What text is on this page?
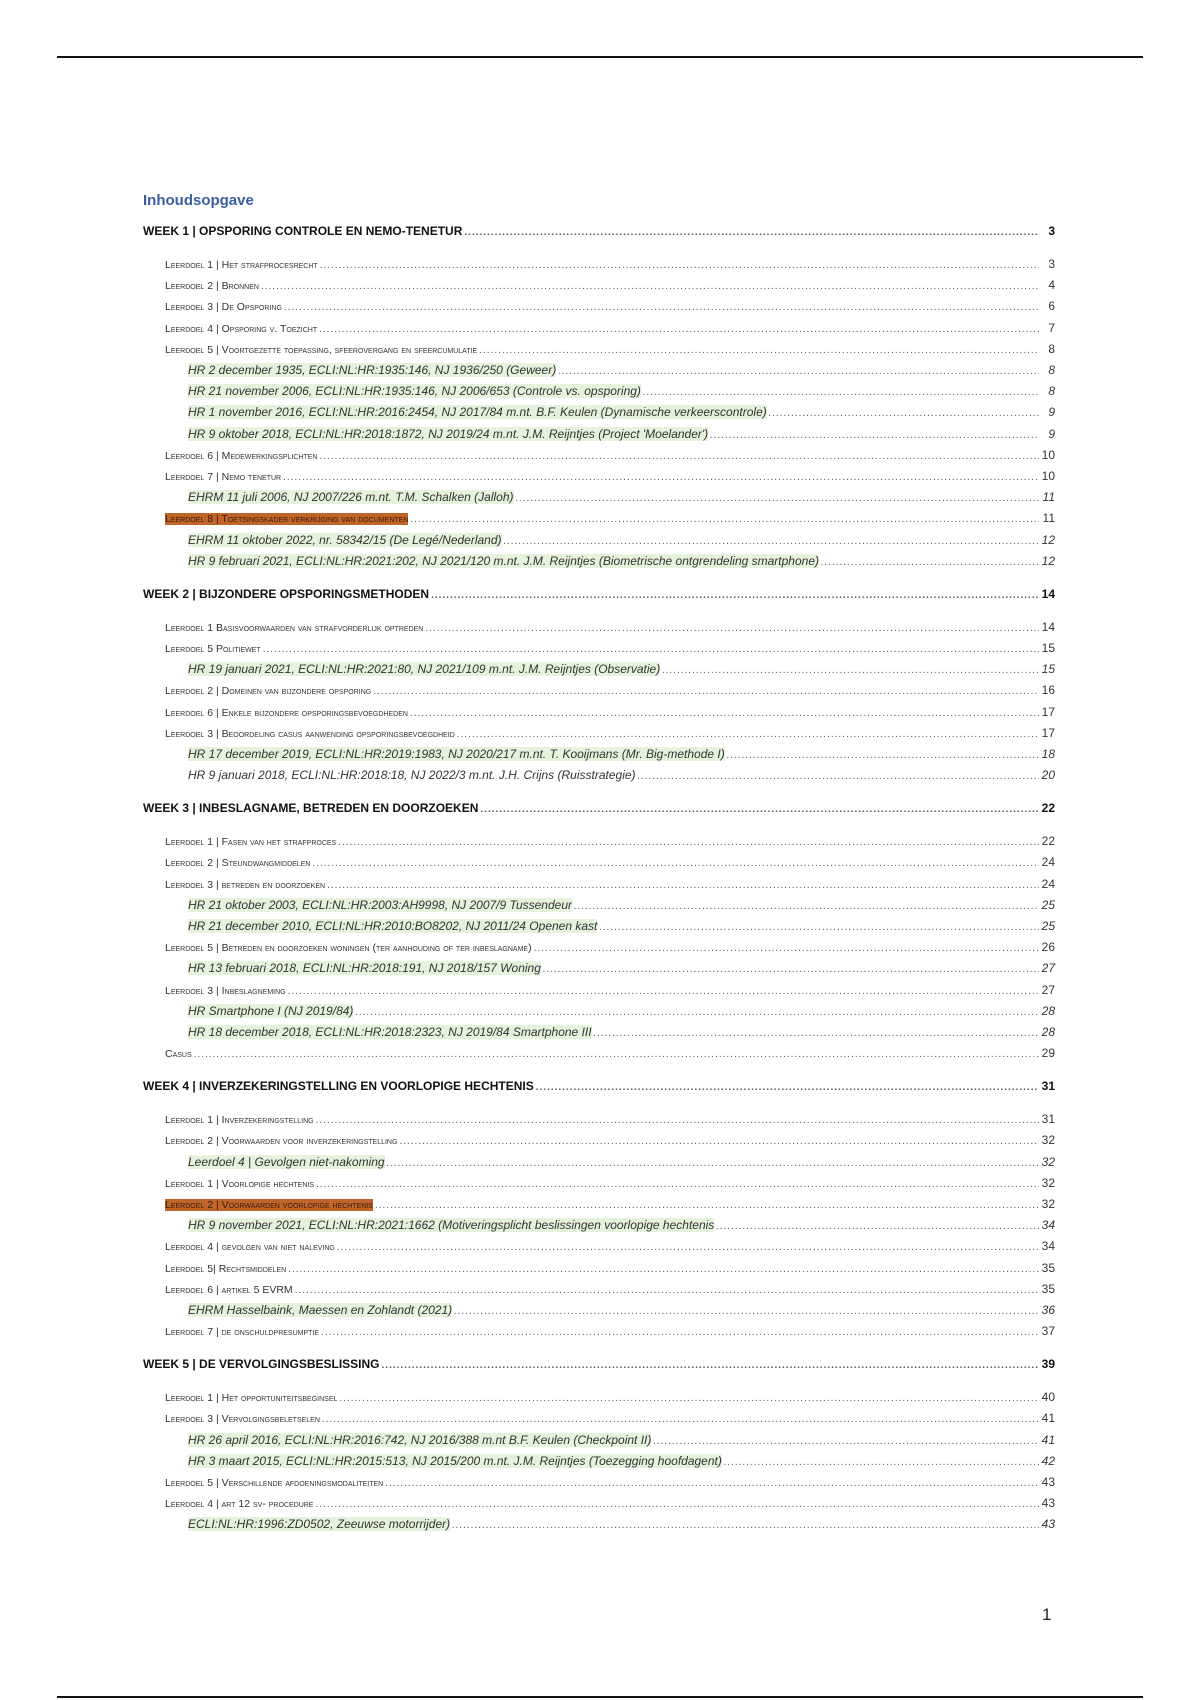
Inhoudsopgave
WEEK 1 | OPSPORING CONTROLE EN NEMO-TENETUR .....	3
Leerdoel 1 | Het strafprocesrecht .....	3
Leerdoel 2 | Bronnen .....	4
Leerdoel 3 | De Opsporing .....	6
Leerdoel 4 | Opsporing v. Toezicht .....	7
Leerdoel 5 | Voortgezette toepassing, sfeerovergang en sfeercumulatie .....	8
HR 2 december 1935, ECLI:NL:HR:1935:146, NJ 1936/250 (Geweer) .....	8
HR 21 november 2006, ECLI:NL:HR:1935:146, NJ 2006/653 (Controle vs. opsporing) .....	8
HR 1 november 2016, ECLI:NL:HR:2016:2454, NJ 2017/84 m.nt. B.F. Keulen (Dynamische verkeerscontrole) .....	9
HR 9 oktober 2018, ECLI:NL:HR:2018:1872, NJ 2019/24 m.nt. J.M. Reijntjes (Project 'Moelander') .....	9
Leerdoel 6 | Medewerkingsplichten .....	10
Leerdoel 7 | Nemo tenetur .....	10
EHRM 11 juli 2006, NJ 2007/226 m.nt. T.M. Schalken (Jalloh) .....	11
Leerdoel 8 | Toetsingskader verkrijging van documenten .....	11
EHRM 11 oktober 2022, nr. 58342/15 (De Legé/Nederland) .....	12
HR 9 februari 2021, ECLI:NL:HR:2021:202, NJ 2021/120 m.nt. J.M. Reijntjes (Biometrische ontgrendeling smartphone) .....	12
WEEK 2 | BIJZONDERE OPSPORINGSMETHODEN .....	14
Leerdoel 1 Basisvoorwaarden van strafvorderlijk optreden .....	14
Leerdoel 5 Politiewet .....	15
HR 19 januari 2021, ECLI:NL:HR:2021:80, NJ 2021/109 m.nt. J.M. Reijntjes (Observatie) .....	15
Leerdoel 2 | Domeinen van bijzondere opsporing .....	16
Leerdoel 6 | Enkele bijzondere opsporingsbevoegdheden .....	17
Leerdoel 3 | Beoordeling casus aanwending opsporingsbevoegdheid .....	17
HR 17 december 2019, ECLI:NL:HR:2019:1983, NJ 2020/217 m.nt. T. Kooijmans (Mr. Big-methode I) .....	18
HR 9 januari 2018, ECLI:NL:HR:2018:18, NJ 2022/3 m.nt. J.H. Crijns (Ruisstrategie) .....	20
WEEK 3 | INBESLAGNAME, BETREDEN EN DOORZOEKEN .....	22
Leerdoel 1 | Fasen van het strafproces .....	22
Leerdoel 2 | Steundwangmiddelen .....	24
Leerdoel 3 | betreden en doorzoeken .....	24
HR 21 oktober 2003, ECLI:NL:HR:2003:AH9998, NJ 2007/9 Tussendeur .....	25
HR 21 december 2010, ECLI:NL:HR:2010:BO8202, NJ 2011/24 Openen kast .....	25
Leerdoel 5 | Betreden en doorzoeken woningen (ter aanhouding of ter inbeslagname) .....	26
HR 13 februari 2018, ECLI:NL:HR:2018:191, NJ 2018/157 Woning .....	27
Leerdoel 3 | Inbeslagneming .....	27
HR Smartphone I (NJ 2019/84) .....	28
HR 18 december 2018, ECLI:NL:HR:2018:2323, NJ 2019/84 Smartphone III .....	28
Casus .....	29
WEEK 4 | INVERZEKERINGSTELLING EN VOORLOPIGE HECHTENIS .....	31
Leerdoel 1 | Inverzekeringstelling .....	31
Leerdoel 2 | Voorwaarden voor inverzekeringstelling .....	32
Leerdoel 4 | Gevolgen niet-nakoming .....	32
Leerdoel 1 | Voorlopige hechtenis .....	32
Leerdoel 2 | Voorwaarden voorlopige hechtenis .....	32
HR 9 november 2021, ECLI:NL:HR:2021:1662 (Motiveringsplicht beslissingen voorlopige hechtenis .....	34
Leerdoel 4 | gevolgen van niet naleving .....	34
Leerdoel 5| Rechtsmiddelen .....	35
Leerdoel 6 | artikel 5 EVRM .....	35
EHRM Hasselbaink, Maessen en Zohlandt (2021) .....	36
Leerdoel 7 | de onschuldpresumptie .....	37
WEEK 5 | DE VERVOLGINGSBESLISSING .....	39
Leerdoel 1 | Het opportuniteitsbeginsel .....	40
Leerdoel 3 | Vervolgingsbeletselen .....	41
HR 26 april 2016, ECLI:NL:HR:2016:742, NJ 2016/388 m.nt B.F. Keulen (Checkpoint II) .....	41
HR 3 maart 2015, ECLI:NL:HR:2015:513, NJ 2015/200 m.nt. J.M. Reijntjes (Toezegging hoofdagent) .....	42
Leerdoel 5 | Verschillende afdoeningsmodaliteiten .....	43
Leerdoel 4 | art 12 sv- procedure .....	43
ECLI:NL:HR:1996:ZD0502, Zeeuwse motorrijder) .....	43
1
